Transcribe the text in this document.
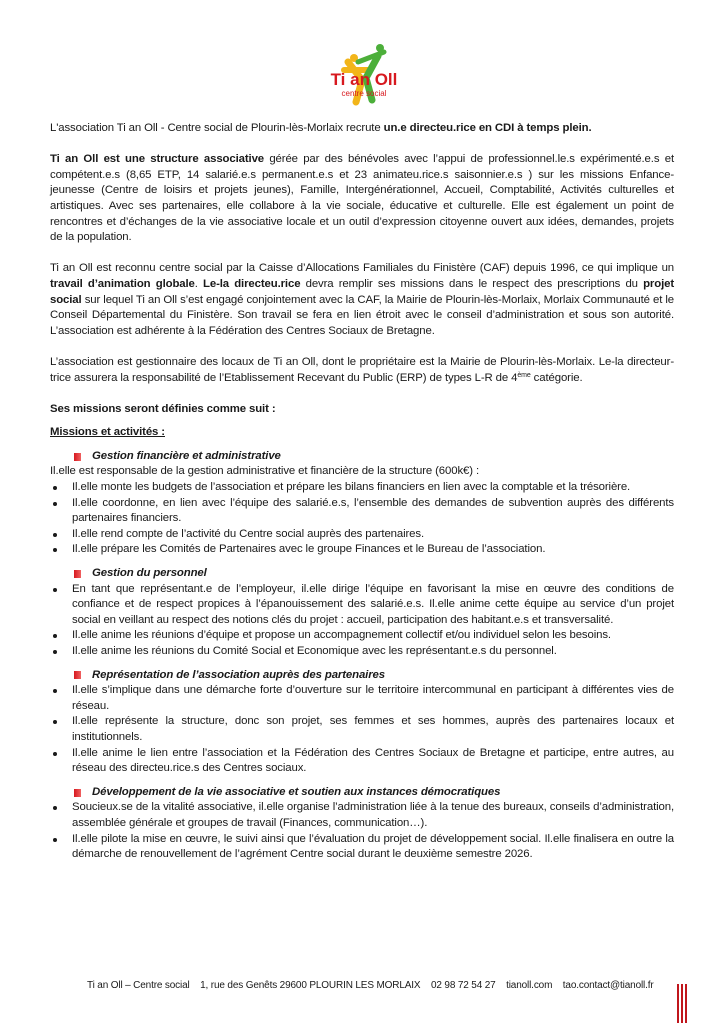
Ti an Oll
centre social

L'association Ti an Oll - Centre social de Plourin-lès-Morlaix recrute un.e directeu.rice en CDI à temps plein.

Ti an Oll est une structure associative gérée par des bénévoles avec l’appui de professionnel.le.s expérimenté.e.s et compétent.e.s (8,65 ETP, 14 salarié.e.s permanent.e.s et 23 animateu.rice.s saisonnier.e.s ) sur les missions Enfance-jeunesse (Centre de loisirs et projets jeunes), Famille, Intergénérationnel, Accueil, Comptabilité, Activités culturelles et artistiques. Avec ses partenaires, elle collabore à la vie sociale, éducative et culturelle. Elle est également un point de rencontres et d’échanges de la vie associative locale et un outil d’expression citoyenne ouvert aux idées, demandes, projets de la population.

Ti an Oll est reconnu centre social par la Caisse d’Allocations Familiales du Finistère (CAF) depuis 1996, ce qui implique un travail d’animation globale. Le-la directeu.rice devra remplir ses missions dans le respect des prescriptions du projet social sur lequel Ti an Oll s’est engagé conjointement avec la CAF, la Mairie de Plourin-lès-Morlaix, Morlaix Communauté et le Conseil Départemental du Finistère. Son travail se fera en lien étroit avec le conseil d’administration et sous son autorité. L’association est adhérente à la Fédération des Centres Sociaux de Bretagne.

L’association est gestionnaire des locaux de Ti an Oll, dont le propriétaire est la Mairie de Plourin-lès-Morlaix. Le-la directeur-trice assurera la responsabilité de l’Etablissement Recevant du Public (ERP) de types L-R de 4ème catégorie.

Ses missions seront définies comme suit :

Missions et activités :

Gestion financière et administrative

Il.elle est responsable de la gestion administrative et financière de la structure (600k€) :

Il.elle monte les budgets de l’association et prépare les bilans financiers en lien avec la comptable et la trésorière.
Il.elle coordonne, en lien avec l’équipe des salarié.e.s, l’ensemble des demandes de subvention auprès des différents partenaires financiers.
Il.elle rend compte de l’activité du Centre social auprès des partenaires.
Il.elle prépare les Comités de Partenaires avec le groupe Finances et le Bureau de l’association.
Gestion du personnel
En tant que représentant.e de l’employeur, il.elle dirige l’équipe en favorisant la mise en œuvre des conditions de confiance et de respect propices à l’épanouissement des salarié.e.s. Il.elle anime cette équipe au service d’un projet social en veillant au respect des notions clés du projet : accueil, participation des habitant.e.s et transversalité.
Il.elle anime les réunions d’équipe et propose un accompagnement collectif et/ou individuel selon les besoins.
Il.elle anime les réunions du Comité Social et Economique avec les représentant.e.s du personnel.
Représentation de l’association auprès des partenaires
Il.elle s’implique dans une démarche forte d’ouverture sur le territoire intercommunal en participant à différentes vies de réseau.
Il.elle représente la structure, donc son projet, ses femmes et ses hommes, auprès des partenaires locaux et institutionnels.
Il.elle anime le lien entre l’association et la Fédération des Centres Sociaux de Bretagne et participe, entre autres, au réseau des directeu.rice.s des Centres sociaux.
Développement de la vie associative et soutien aux instances démocratiques
Soucieux.se de la vitalité associative, il.elle organise l’administration liée à la tenue des bureaux, conseils d’administration, assemblée générale et groupes de travail (Finances, communication…).
Il.elle pilote la mise en œuvre, le suivi ainsi que l’évaluation du projet de développement social. Il.elle finalisera en outre la démarche de renouvellement de l’agrément Centre social durant le deuxième semestre 2026.
Ti an Oll – Centre social 1, rue des Genêts 29600 PLOURIN LES MORLAIX 02 98 72 54 27 tianoll.com tao.contact@tianoll.fr
